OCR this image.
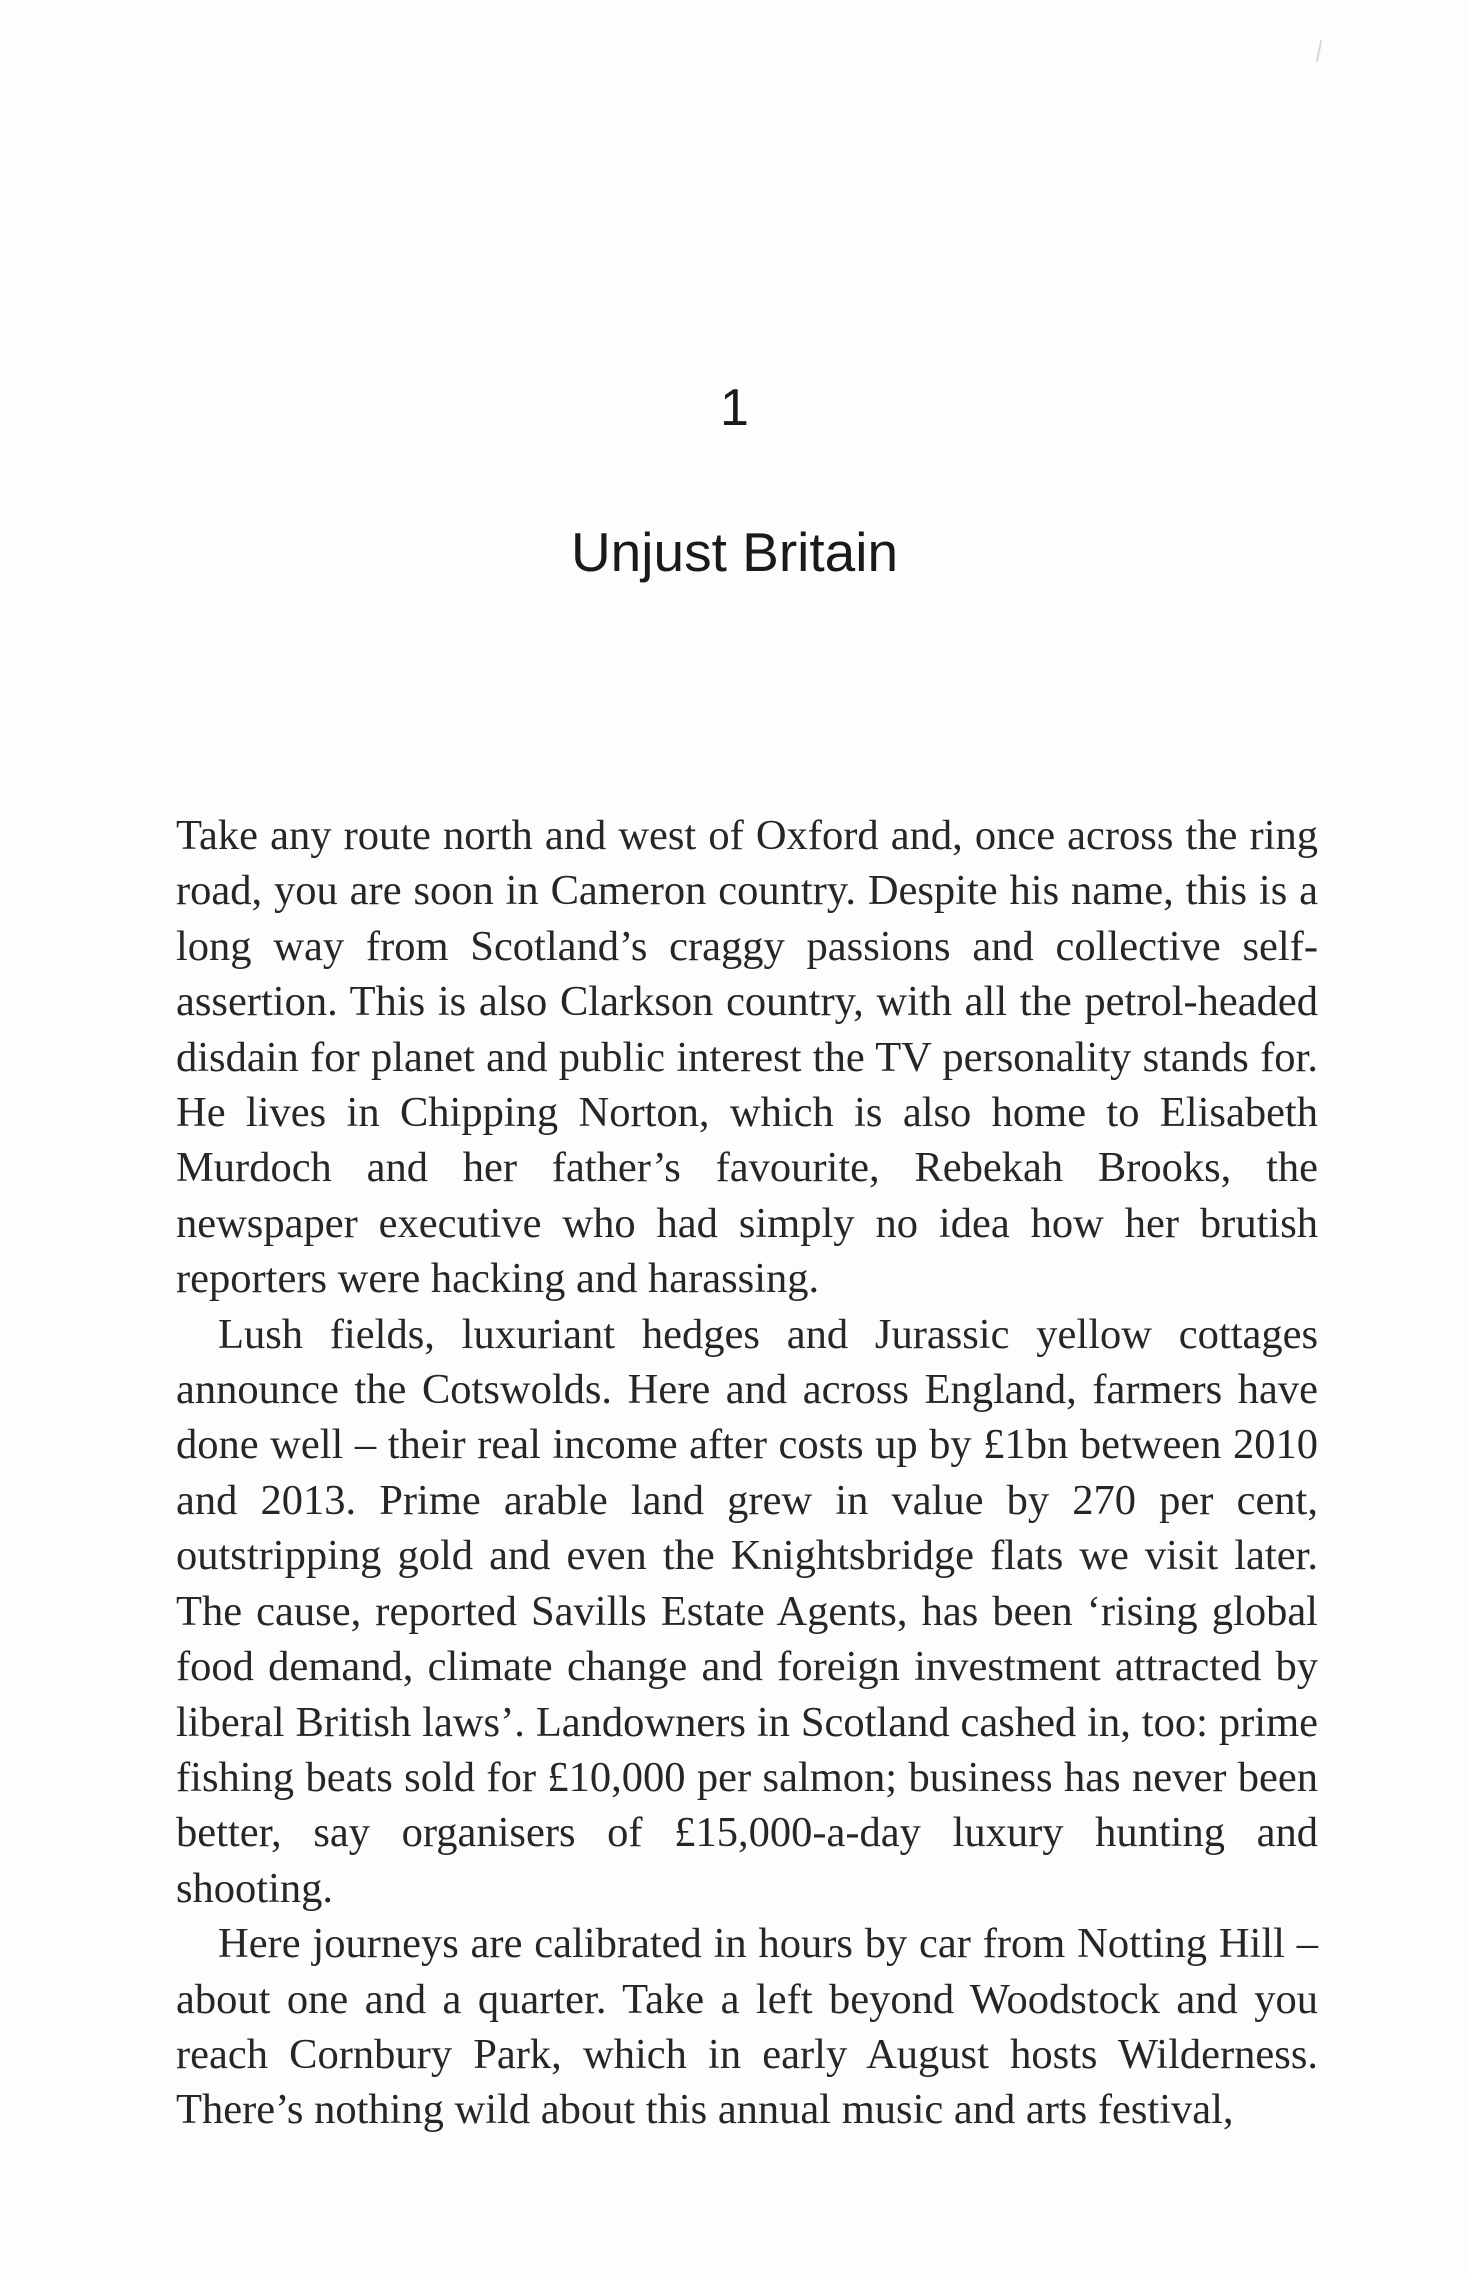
1
Unjust Britain

Take any route north and west of Oxford and, once across the ring road, you are soon in Cameron country. Despite his name, this is a long way from Scotland’s craggy passions and collective self-assertion. This is also Clarkson country, with all the petrol-headed disdain for planet and public interest the TV personality stands for. He lives in Chipping Norton, which is also home to Elisabeth Murdoch and her father’s favourite, Rebekah Brooks, the newspaper executive who had simply no idea how her brutish reporters were hacking and harassing.

Lush fields, luxuriant hedges and Jurassic yellow cottages announce the Cotswolds. Here and across England, farmers have done well – their real income after costs up by £1bn between 2010 and 2013. Prime arable land grew in value by 270 per cent, outstripping gold and even the Knightsbridge flats we visit later. The cause, reported Savills Estate Agents, has been ‘rising global food demand, climate change and foreign investment attracted by liberal British laws’. Landowners in Scotland cashed in, too: prime fishing beats sold for £10,000 per salmon; business has never been better, say organisers of £15,000-a-day luxury hunting and shooting.

Here journeys are calibrated in hours by car from Notting Hill – about one and a quarter. Take a left beyond Woodstock and you reach Cornbury Park, which in early August hosts Wilderness. There’s nothing wild about this annual music and arts festival,
